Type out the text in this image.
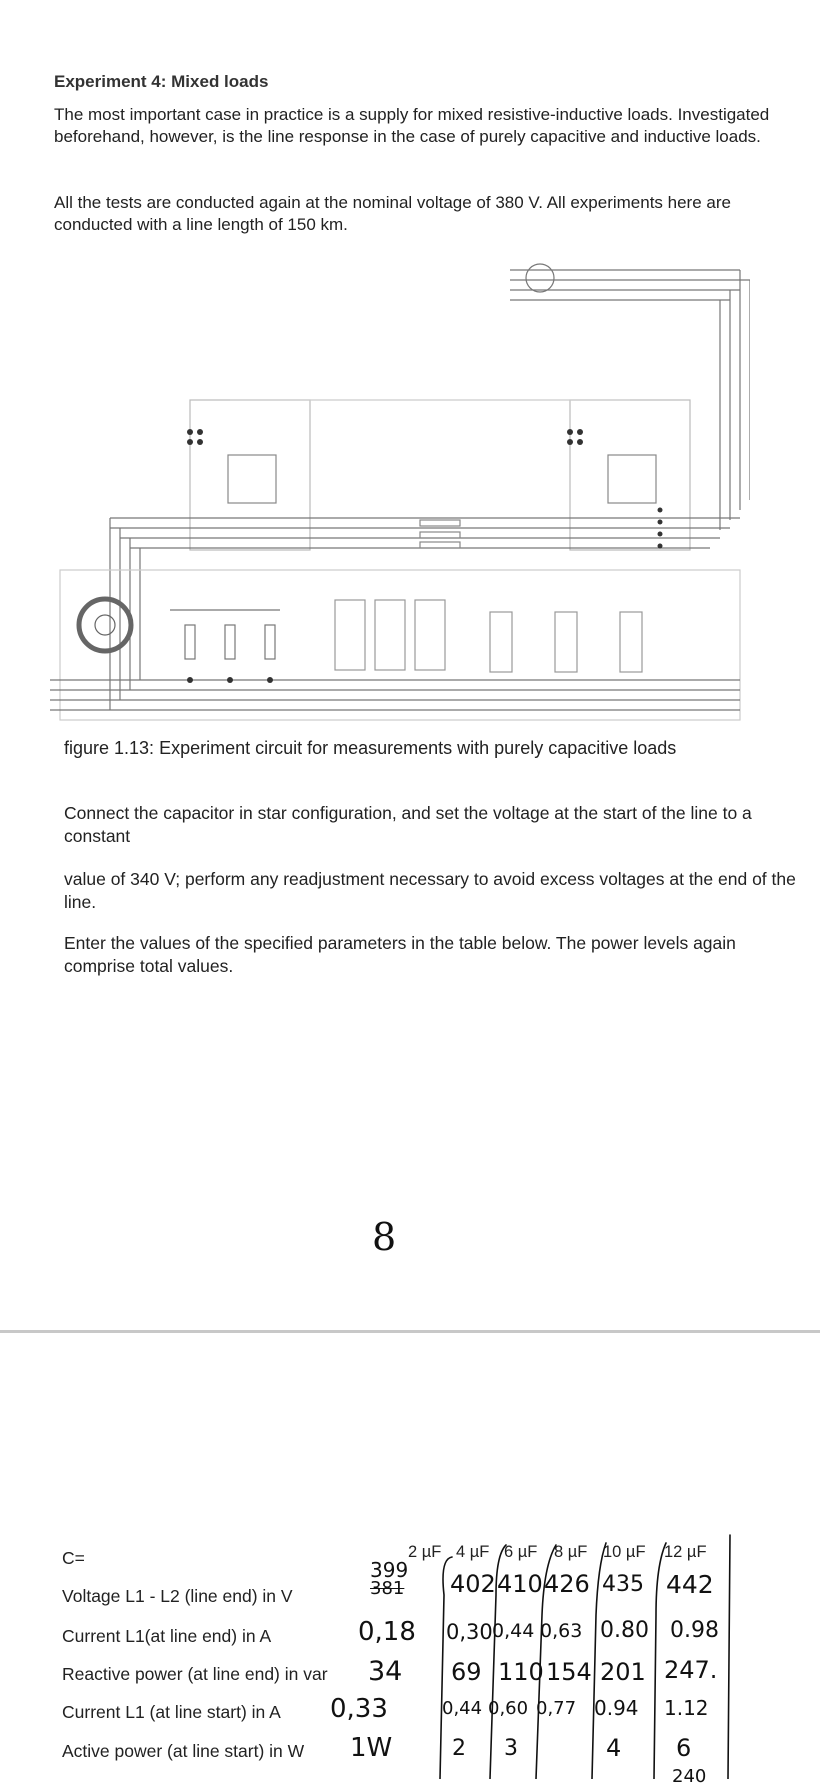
Experiment 4: Mixed loads

The most important case in practice is a supply for mixed resistive-inductive loads. Investigated beforehand, however, is the line response in the case of purely capacitive and inductive loads.

All the tests are conducted again at the nominal voltage of 380 V. All experiments here are conducted with a line length of 150 km.

figure 1.13: Experiment circuit for measurements with purely capacitive loads

Connect the capacitor in star configuration, and set the voltage at the start of the line to a constant

value of 340 V; perform any readjustment necessary to avoid excess voltages at the end of the line.

Enter the values of the specified parameters in the table below. The power levels again comprise total values.

8
C=
Voltage L1 - L2 (line end) in V
Current L1(at line end) in A
Reactive power (at line end) in var
Current L1 (at line start) in A
Active power (at line start) in W
2 µF 4 µF 6 µF 8 µF 10 µF 12 µF
399
381
0,18
34
0,33
1W
402
0,30
69
0,44
2
410
0,44
110
0,60
3
426
0,63
154
0,77
435
0.80
201
0.94
4
442
0.98
247.
1.12
6
240
